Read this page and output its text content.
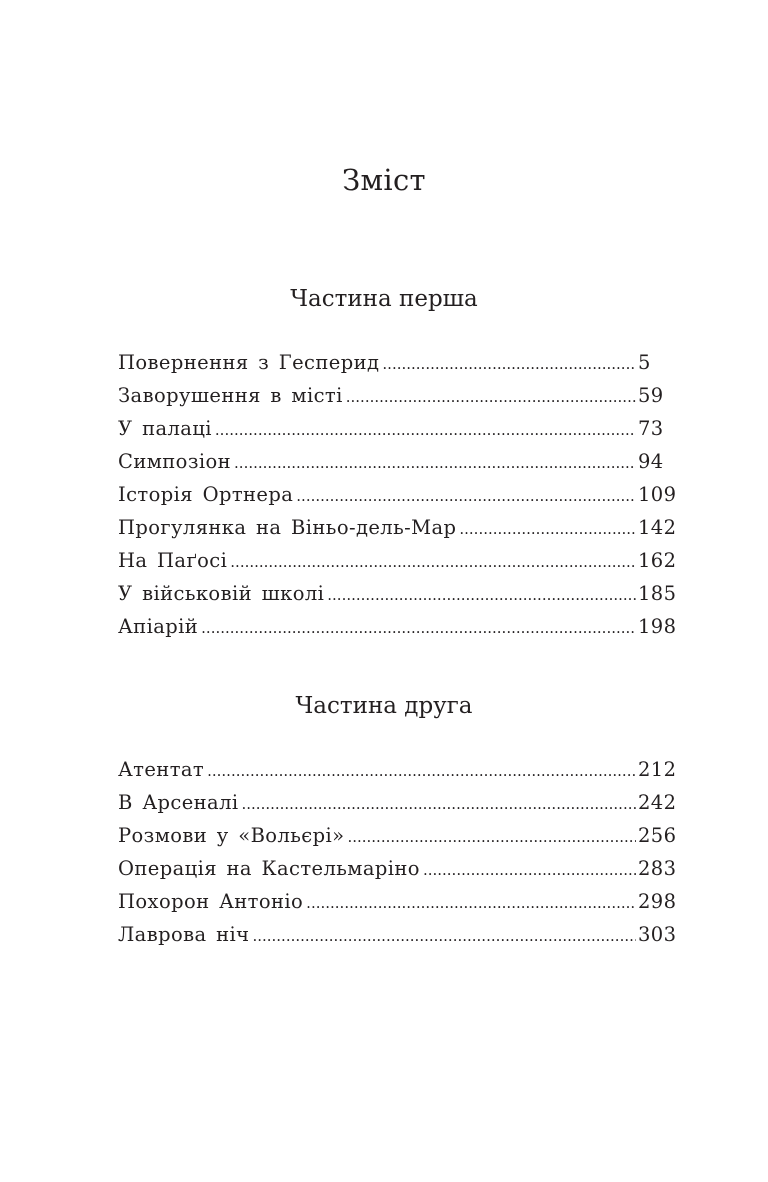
Зміст
Частина перша
Повернення з Гесперид .....	5
Заворушення в місті .....	59
У палаці .....	73
Симпозіон .....	94
Історія Ортнера .....	109
Прогулянка на Віньо-дель-Мар .....	142
На Паґосі .....	162
У військовій школі .....	185
Апіарій .....	198
Частина друга
Атентат .....	212
В Арсеналі .....	242
Розмови у «Вольєрі» .....	256
Операція на Кастельмаріно .....	283
Похорон Антоніо .....	298
Лаврова ніч .....	303
